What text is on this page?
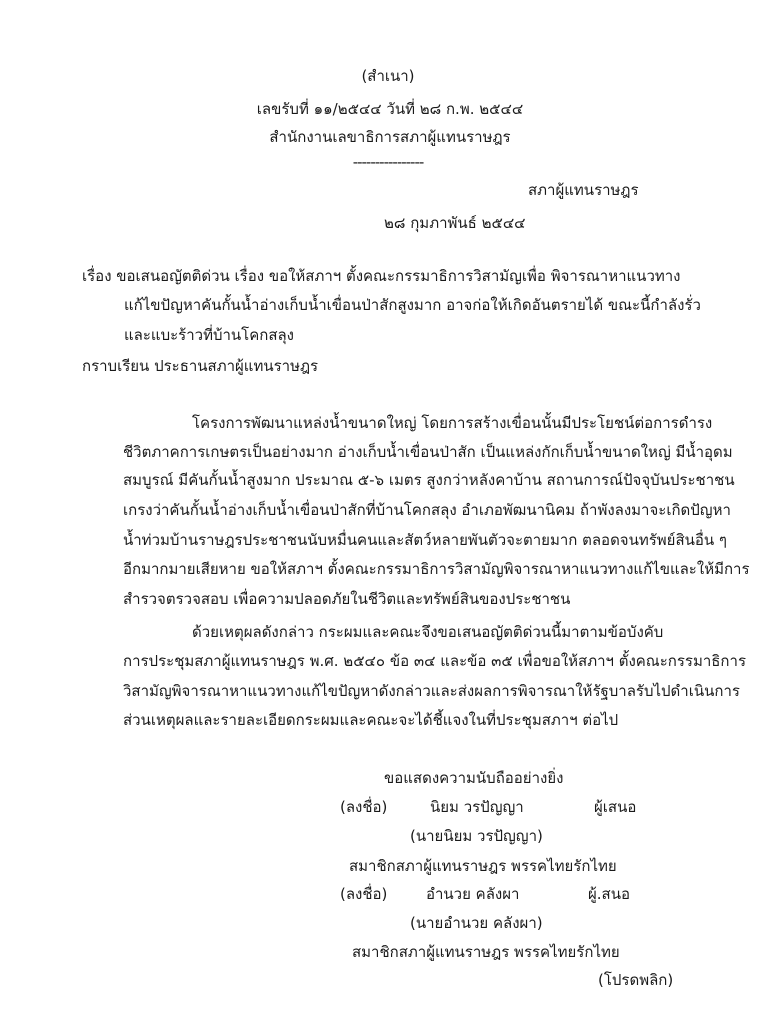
(สำเนา)
เลขรับที่ ๑๑/๒๕๔๔ วันที่ ๒๘ ก.พ. ๒๕๔๔
สำนักงานเลขาธิการสภาผู้แทนราษฎร
----------------
สภาผู้แทนราษฎร
๒๘ กุมภาพันธ์ ๒๕๔๔
เรื่อง ขอเสนอญัตติด่วน เรื่อง ขอให้สภาฯ ตั้งคณะกรรมาธิการวิสามัญเพื่อ พิจารณาหาแนวทาง
แก้ไขปัญหาคันกั้นน้ำอ่างเก็บน้ำเขื่อนป่าสักสูงมาก อาจก่อให้เกิดอันตรายได้ ขณะนี้กำลังรั่ว
และแบะร้าวที่บ้านโคกสลุง
กราบเรียน ประธานสภาผู้แทนราษฎร
โครงการพัฒนาแหล่งน้ำขนาดใหญ่ โดยการสร้างเขื่อนนั้นมีประโยชน์ต่อการดำรง
ชีวิตภาคการเกษตรเป็นอย่างมาก อ่างเก็บน้ำเขื่อนป่าสัก เป็นแหล่งกักเก็บน้ำขนาดใหญ่ มีน้ำอุดม
สมบูรณ์ มีคันกั้นน้ำสูงมาก ประมาณ ๕-๖ เมตร สูงกว่าหลังคาบ้าน สถานการณ์ปัจจุบันประชาชน
เกรงว่าคันกั้นน้ำอ่างเก็บน้ำเขื่อนป่าสักที่บ้านโคกสลุง อำเภอพัฒนานิคม ถ้าพังลงมาจะเกิดปัญหา
น้ำท่วมบ้านราษฎรประชาชนนับหมื่นคนและสัตว์หลายพันตัวจะตายมาก ตลอดจนทรัพย์สินอื่น ๆ
อีกมากมายเสียหาย ขอให้สภาฯ ตั้งคณะกรรมาธิการวิสามัญพิจารณาหาแนวทางแก้ไขและให้มีการ
สำรวจตรวจสอบ เพื่อความปลอดภัยในชีวิตและทรัพย์สินของประชาชน
ด้วยเหตุผลดังกล่าว กระผมและคณะจึงขอเสนอญัตติด่วนนี้มาตามข้อบังคับ
การประชุมสภาผู้แทนราษฎร พ.ศ. ๒๕๔๐ ข้อ ๓๔ และข้อ ๓๕ เพื่อขอให้สภาฯ ตั้งคณะกรรมาธิการ
วิสามัญพิจารณาหาแนวทางแก้ไขปัญหาดังกล่าวและส่งผลการพิจารณาให้รัฐบาลรับไปดำเนินการ
ส่วนเหตุผลและรายละเอียดกระผมและคณะจะได้ชี้แจงในที่ประชุมสภาฯ ต่อไป
ขอแสดงความนับถืออย่างยิ่ง
(ลงชื่อ)	นิยม วรปัญญา	ผู้เสนอ
(นายนิยม วรปัญญา)
สมาชิกสภาผู้แทนราษฎร พรรคไทยรักไทย
(ลงชื่อ)	อำนวย คลังผา	ผู้.สนอ
(นายอำนวย คลังผา)
สมาชิกสภาผู้แทนราษฎร พรรคไทยรักไทย
(โปรดพลิก)
